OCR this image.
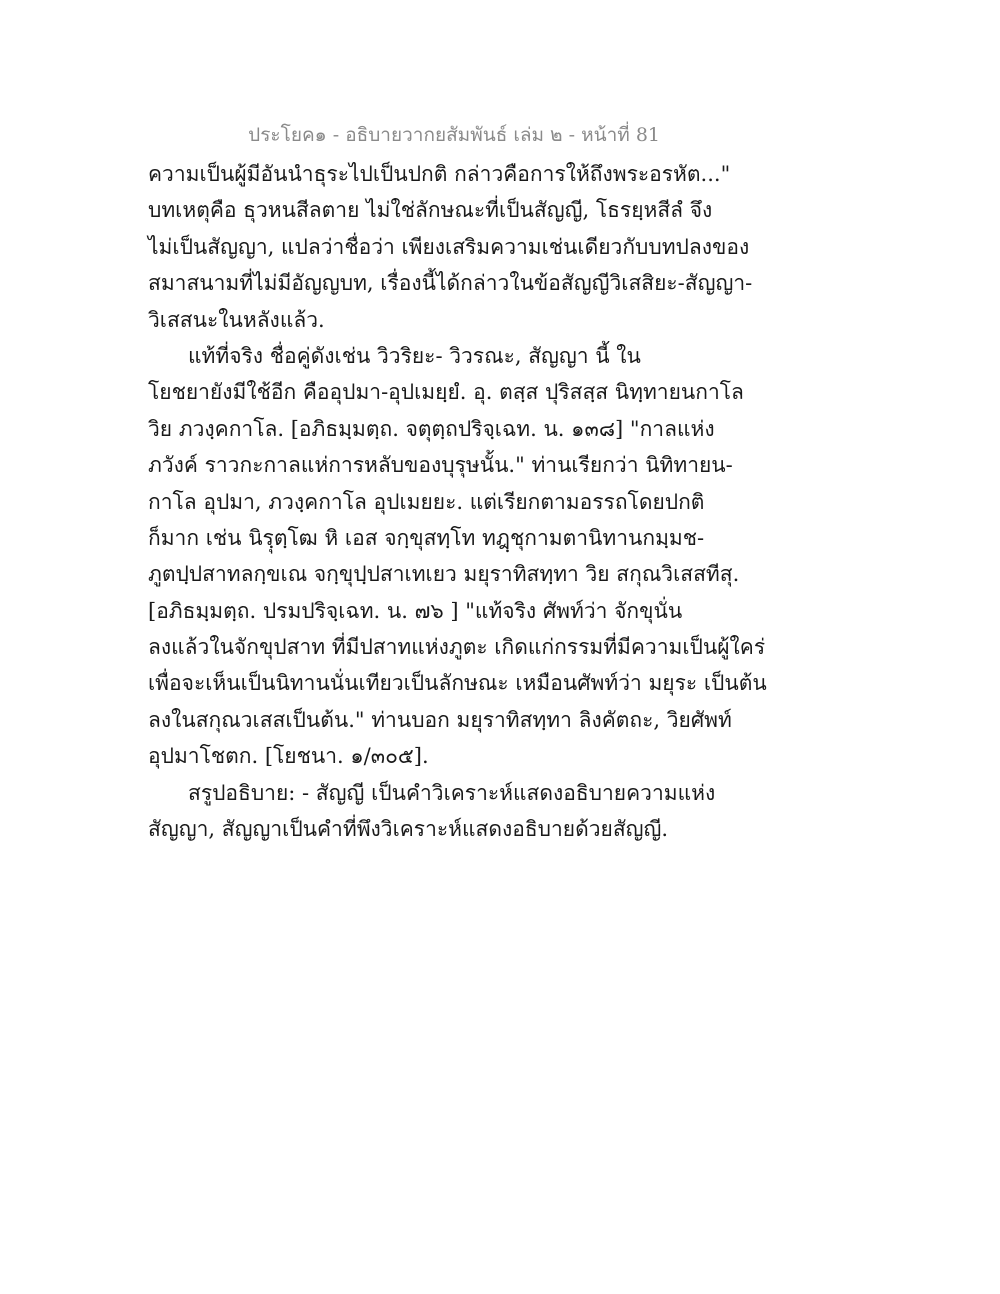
ประโยค๑ - อธิบายวากยสัมพันธ์ เล่ม ๒ - หน้าที่ 81
ความเป็นผู้มีอันนำธุระไปเป็นปกติ กล่าวคือการให้ถึงพระอรหัต..."
บทเหตุคือ ธุวหนสีลตาย ไม่ใช่ลักษณะที่เป็นสัญญี, โธรยฺหสีลํ จึง
ไม่เป็นสัญญา, แปลว่าชื่อว่า เพียงเสริมความเช่นเดียวกับบทปลงของ
สมาสนามที่ไม่มีอัญญบท, เรื่องนี้ได้กล่าวในข้อสัญญีวิเสสิยะ-สัญญา-
วิเสสนะในหลังแล้ว.
แท้ที่จริง ชื่อคู่ดังเช่น วิวริยะ- วิวรณะ, สัญญา นี้ ใน
โยชยายังมีใช้อีก คืออุปมา-อุปเมยฺยํ. อุ. ตสฺส ปุริสสฺส นิทฺทายนกาโล
วิย ภวงฺคกาโล. [อภิธมฺมตฺถ. จตุตฺถปริจฺเฉท. น. ๑๓๘] "กาลแห่ง
ภวังค์ ราวกะกาลแห่การหลับของบุรุษนั้น." ท่านเรียกว่า นิทิทายน-
กาโล อุปมา, ภวงฺคกาโล อุปเมยยะ. แต่เรียกตามอรรถโดยปกติ
ก็มาก เช่น นิรฺุตฺโฒ หิ เอส จกฺขุสทฺโท ทฎฺชุกามตานิทานกมฺมช-
ภูตปฺปสาทลกฺขเณ จกฺขุปฺปสาเทเยว มยุราทิสทฺทา วิย สกุณวิเสสทีสุ.
[อภิธมฺมตฺถ. ปรมปริจฺเฉท. น. ๗๖ ] "แท้จริง ศัพท์ว่า จักขุนั่น
ลงแล้วในจักขุปสาท ที่มีปสาทแห่งภูตะ เกิดแก่กรรมที่มีความเป็นผู้ใคร่
เพื่อจะเห็นเป็นนิทานนั่นเทียวเป็นลักษณะ เหมือนศัพท์ว่า มยุระ เป็นต้น
ลงในสกุณวเสสเป็นต้น." ท่านบอก มยุราทิสทฺทา ลิงคัตถะ, วิยศัพท์
อุปมาโชตก. [โยชนา. ๑/๓๐๕].
สรูปอธิบาย: - สัญญี เป็นคำวิเคราะห์แสดงอธิบายความแห่ง
สัญญา, สัญญาเป็นคำที่พึงวิเคราะห์แสดงอธิบายด้วยสัญญี.
